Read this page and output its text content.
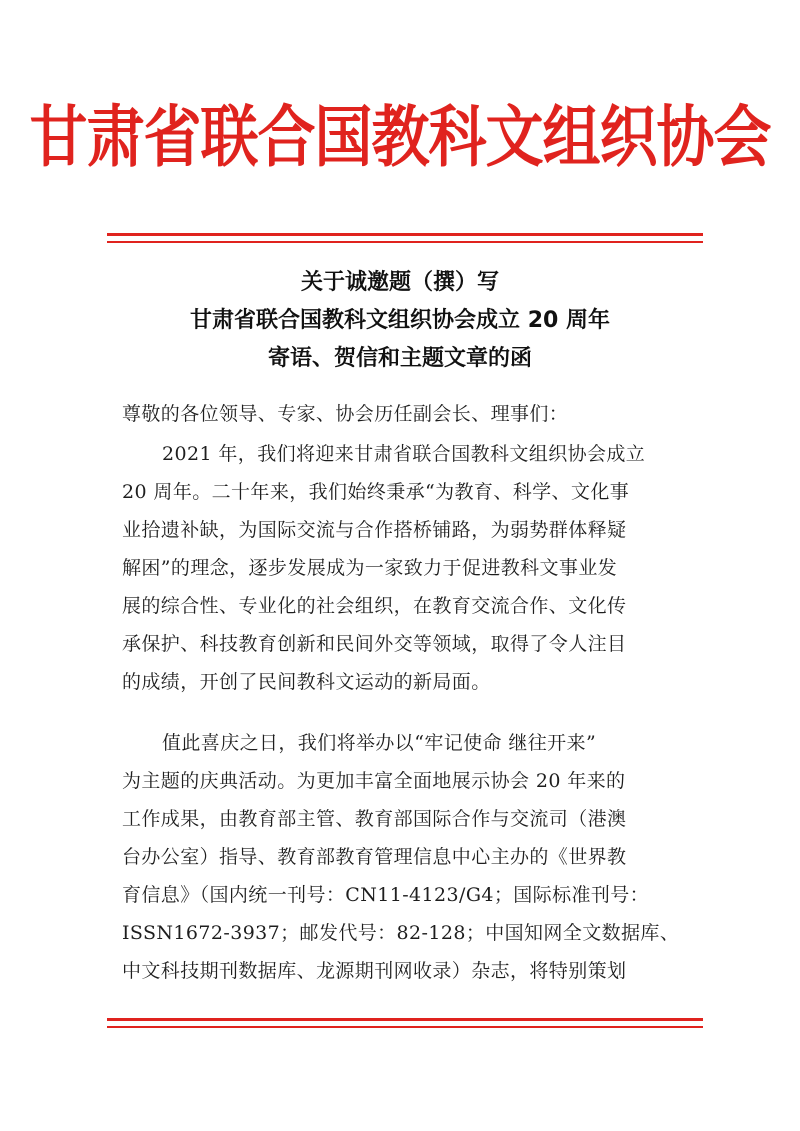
甘肃省联合国教科文组织协会
关于诚邀题（撰）写
甘肃省联合国教科文组织协会成立 20 周年
寄语、贺信和主题文章的函
尊敬的各位领导、专家、协会历任副会长、理事们：
2021 年，我们将迎来甘肃省联合国教科文组织协会成立
20 周年。二十年来，我们始终秉承“为教育、科学、文化事
业拾遗补缺，为国际交流与合作搭桥铺路，为弱势群体释疑
解困”的理念，逐步发展成为一家致力于促进教科文事业发
展的综合性、专业化的社会组织，在教育交流合作、文化传
承保护、科技教育创新和民间外交等领域，取得了令人注目
的成绩，开创了民间教科文运动的新局面。
值此喜庆之日，我们将举办以“牢记使命 继往开来”
为主题的庆典活动。为更加丰富全面地展示协会 20 年来的
工作成果，由教育部主管、教育部国际合作与交流司（港澳
台办公室）指导、教育部教育管理信息中心主办的《世界教
育信息》（国内统一刊号：CN11-4123/G4；国际标准刊号：
ISSN1672-3937；邮发代号：82-128；中国知网全文数据库、
中文科技期刊数据库、龙源期刊网收录）杂志，将特别策划
